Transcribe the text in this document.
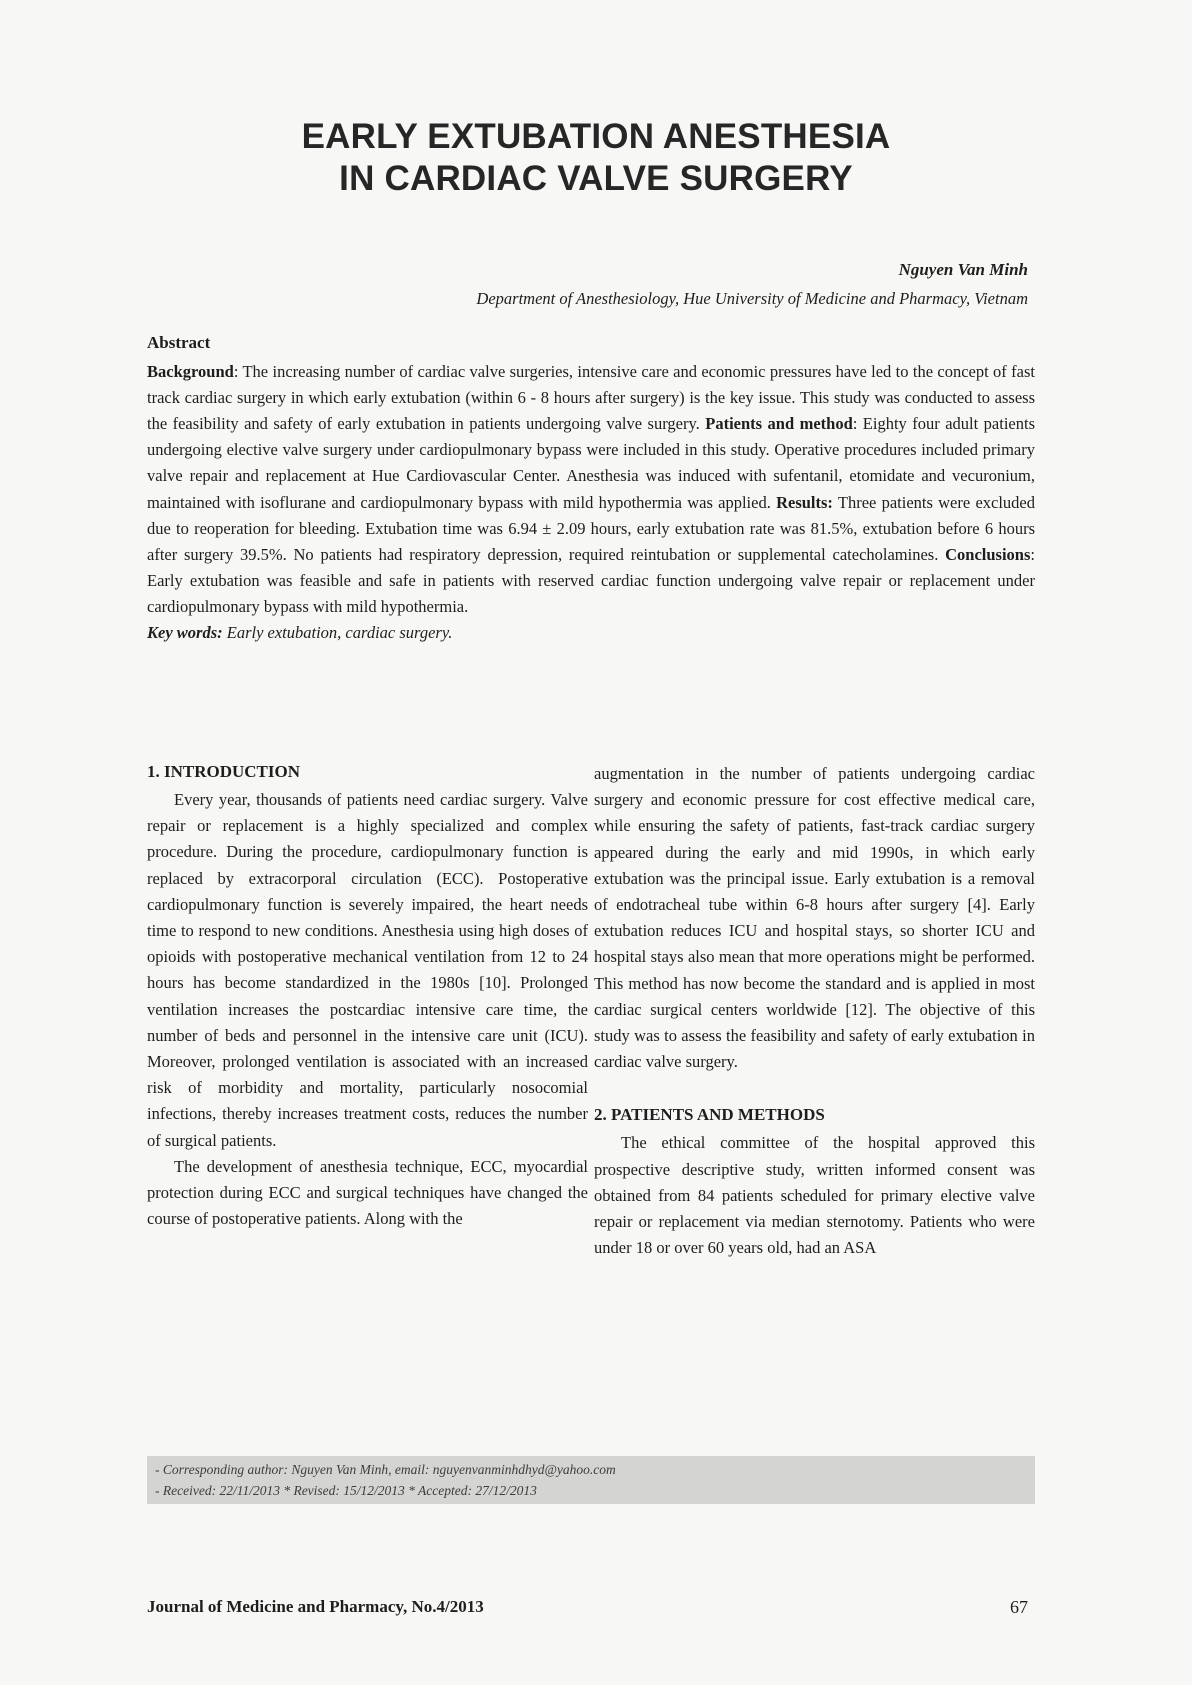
EARLY EXTUBATION ANESTHESIA
IN CARDIAC VALVE SURGERY
Nguyen Van Minh
Department of Anesthesiology, Hue University of Medicine and Pharmacy, Vietnam
Abstract
Background: The increasing number of cardiac valve surgeries, intensive care and economic pressures have led to the concept of fast track cardiac surgery in which early extubation (within 6 - 8 hours after surgery) is the key issue. This study was conducted to assess the feasibility and safety of early extubation in patients undergoing valve surgery. Patients and method: Eighty four adult patients undergoing elective valve surgery under cardiopulmonary bypass were included in this study. Operative procedures included primary valve repair and replacement at Hue Cardiovascular Center. Anesthesia was induced with sufentanil, etomidate and vecuronium, maintained with isoflurane and cardiopulmonary bypass with mild hypothermia was applied. Results: Three patients were excluded due to reoperation for bleeding. Extubation time was 6.94 ± 2.09 hours, early extubation rate was 81.5%, extubation before 6 hours after surgery 39.5%. No patients had respiratory depression, required reintubation or supplemental catecholamines. Conclusions: Early extubation was feasible and safe in patients with reserved cardiac function undergoing valve repair or replacement under cardiopulmonary bypass with mild hypothermia.
Key words: Early extubation, cardiac surgery.
1. INTRODUCTION

Every year, thousands of patients need cardiac surgery. Valve repair or replacement is a highly specialized and complex procedure. During the procedure, cardiopulmonary function is replaced by extracorporal circulation (ECC). Postoperative cardiopulmonary function is severely impaired, the heart needs time to respond to new conditions. Anesthesia using high doses of opioids with postoperative mechanical ventilation from 12 to 24 hours has become standardized in the 1980s [10]. Prolonged ventilation increases the postcardiac intensive care time, the number of beds and personnel in the intensive care unit (ICU). Moreover, prolonged ventilation is associated with an increased risk of morbidity and mortality, particularly nosocomial infections, thereby increases treatment costs, reduces the number of surgical patients.

The development of anesthesia technique, ECC, myocardial protection during ECC and surgical techniques have changed the course of postoperative patients. Along with the

augmentation in the number of patients undergoing cardiac surgery and economic pressure for cost effective medical care, while ensuring the safety of patients, fast-track cardiac surgery appeared during the early and mid 1990s, in which early extubation was the principal issue. Early extubation is a removal of endotracheal tube within 6-8 hours after surgery [4]. Early extubation reduces ICU and hospital stays, so shorter ICU and hospital stays also mean that more operations might be performed. This method has now become the standard and is applied in most cardiac surgical centers worldwide [12]. The objective of this study was to assess the feasibility and safety of early extubation in cardiac valve surgery.

2. PATIENTS AND METHODS

The ethical committee of the hospital approved this prospective descriptive study, written informed consent was obtained from 84 patients scheduled for primary elective valve repair or replacement via median sternotomy. Patients who were under 18 or over 60 years old, had an ASA

- Corresponding author: Nguyen Van Minh, email: nguyenvanminhdhyd@yahoo.com
- Received: 22/11/2013 * Revised: 15/12/2013 * Accepted: 27/12/2013
Journal of Medicine and Pharmacy, No.4/2013	67
